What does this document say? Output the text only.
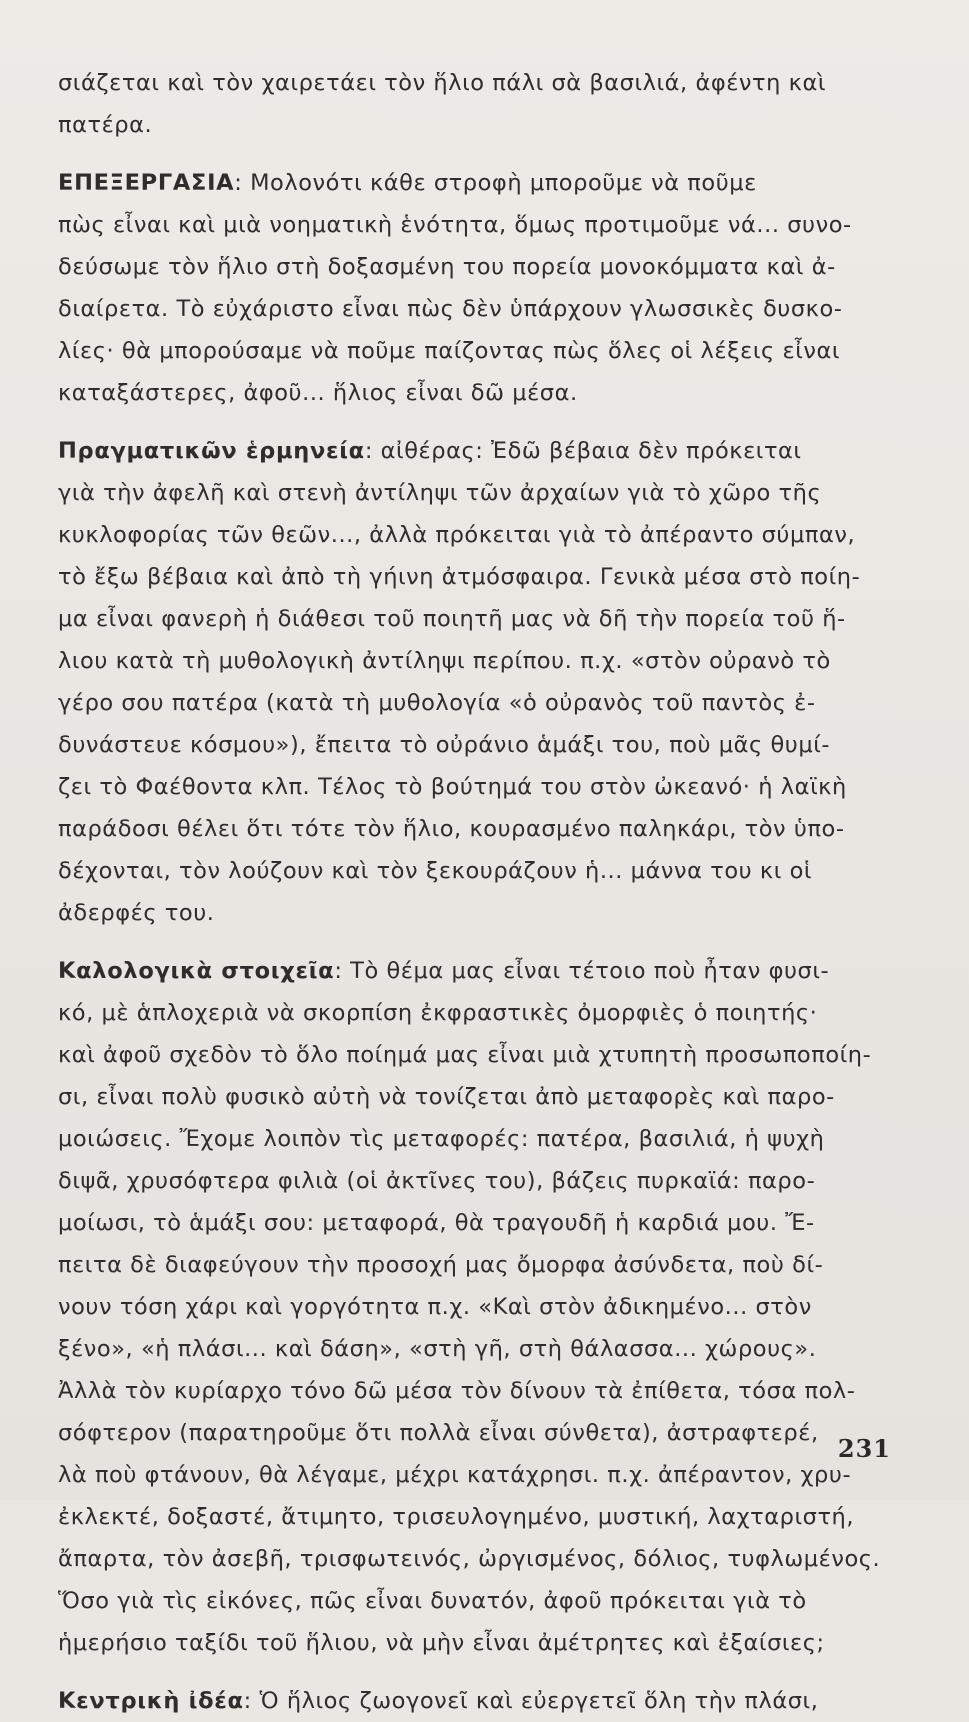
σιάζεται καὶ τὸν χαιρετάει τὸν ἥλιο πάλι σὰ βασιλιά, ἀφέντη καὶ
πατέρα.

ΕΠΕΞΕΡΓΑΣΙΑ: Μολονότι κάθε στροφὴ μποροῦμε νὰ ποῦμε
πὼς εἶναι καὶ μιὰ νοηματικὴ ἑνότητα, ὅμως προτιμοῦμε νά... συνο-
δεύσωμε τὸν ἥλιο στὴ δοξασμένη του πορεία μονοκόμματα καὶ ἀ-
διαίρετα. Τὸ εὐχάριστο εἶναι πὼς δὲν ὑπάρχουν γλωσσικὲς δυσκο-
λίες· θὰ μπορούσαμε νὰ ποῦμε παίζοντας πὼς ὅλες οἱ λέξεις εἶναι
καταξάστερες, ἀφοῦ... ἥλιος εἶναι δῶ μέσα.

Πραγματικῶν ἑρμηνεία: αἰθέρας: Ἐδῶ βέβαια δὲν πρόκειται
γιὰ τὴν ἀφελῆ καὶ στενὴ ἀντίληψι τῶν ἀρχαίων γιὰ τὸ χῶρο τῆς
κυκλοφορίας τῶν θεῶν..., ἀλλὰ πρόκειται γιὰ τὸ ἀπέραντο σύμπαν,
τὸ ἔξω βέβαια καὶ ἀπὸ τὴ γήινη ἀτμόσφαιρα. Γενικὰ μέσα στὸ ποίη-
μα εἶναι φανερὴ ἡ διάθεσι τοῦ ποιητῆ μας νὰ δῆ τὴν πορεία τοῦ ἥ-
λιου κατὰ τὴ μυθολογικὴ ἀντίληψι περίπου. π.χ. «στὸν οὐρανὸ τὸ
γέρο σου πατέρα (κατὰ τὴ μυθολογία «ὁ οὐρανὸς τοῦ παντὸς ἐ-
δυνάστευε κόσμου»), ἔπειτα τὸ οὐράνιο ἁμάξι του, ποὺ μᾶς θυμί-
ζει τὸ Φαέθοντα κλπ. Τέλος τὸ βούτημά του στὸν ὠκεανό· ἡ λαϊκὴ
παράδοσι θέλει ὅτι τότε τὸν ἥλιο, κουρασμένο παληκάρι, τὸν ὑπο-
δέχονται, τὸν λούζουν καὶ τὸν ξεκουράζουν ἡ... μάννα του κι οἱ
ἀδερφές του.

Καλολογικὰ στοιχεῖα: Τὸ θέμα μας εἶναι τέτοιο ποὺ ἦταν φυσι-
κό, μὲ ἁπλοχεριὰ νὰ σκορπίση ἐκφραστικὲς ὀμορφιὲς ὁ ποιητής·
καὶ ἀφοῦ σχεδὸν τὸ ὅλο ποίημά μας εἶναι μιὰ χτυπητὴ προσωποποίη-
σι, εἶναι πολὺ φυσικὸ αὐτὴ νὰ τονίζεται ἀπὸ μεταφορὲς καὶ παρο-
μοιώσεις. Ἔχομε λοιπὸν τὶς μεταφορές: πατέρα, βασιλιά, ἡ ψυχὴ
διψᾶ, χρυσόφτερα φιλιὰ (οἱ ἀκτῖνες του), βάζεις πυρκαϊά: παρο-
μοίωσι, τὸ ἁμάξι σου: μεταφορά, θὰ τραγουδῆ ἡ καρδιά μου. Ἔ-
πειτα δὲ διαφεύγουν τὴν προσοχή μας ὄμορφα ἀσύνδετα, ποὺ δί-
νουν τόση χάρι καὶ γοργότητα π.χ. «Καὶ στὸν ἀδικημένο... στὸν
ξένο», «ἡ πλάσι... καὶ δάση», «στὴ γῆ, στὴ θάλασσα... χώρους».
Ἀλλὰ τὸν κυρίαρχο τόνο δῶ μέσα τὸν δίνουν τὰ ἐπίθετα, τόσα πολ-
σόφτερον (παρατηροῦμε ὅτι πολλὰ εἶναι σύνθετα), ἀστραφτερέ,
λὰ ποὺ φτάνουν, θὰ λέγαμε, μέχρι κατάχρησι. π.χ. ἀπέραντον, χρυ-
ἐκλεκτέ, δοξαστέ, ἄτιμητο, τρισευλογημένο, μυστική, λαχταριστή,
ἄπαρτα, τὸν ἀσεβῆ, τρισφωτεινός, ὠργισμένος, δόλιος, τυφλωμένος.
Ὅσο γιὰ τὶς εἰκόνες, πῶς εἶναι δυνατόν, ἀφοῦ πρόκειται γιὰ τὸ
ἡμερήσιο ταξίδι τοῦ ἥλιου, νὰ μὴν εἶναι ἀμέτρητες καὶ ἐξαίσιες;

Κεντρικὴ ἰδέα: Ὁ ἥλιος ζωογονεῖ καὶ εὐεργετεῖ ὅλη τὴν πλάσι,

231
